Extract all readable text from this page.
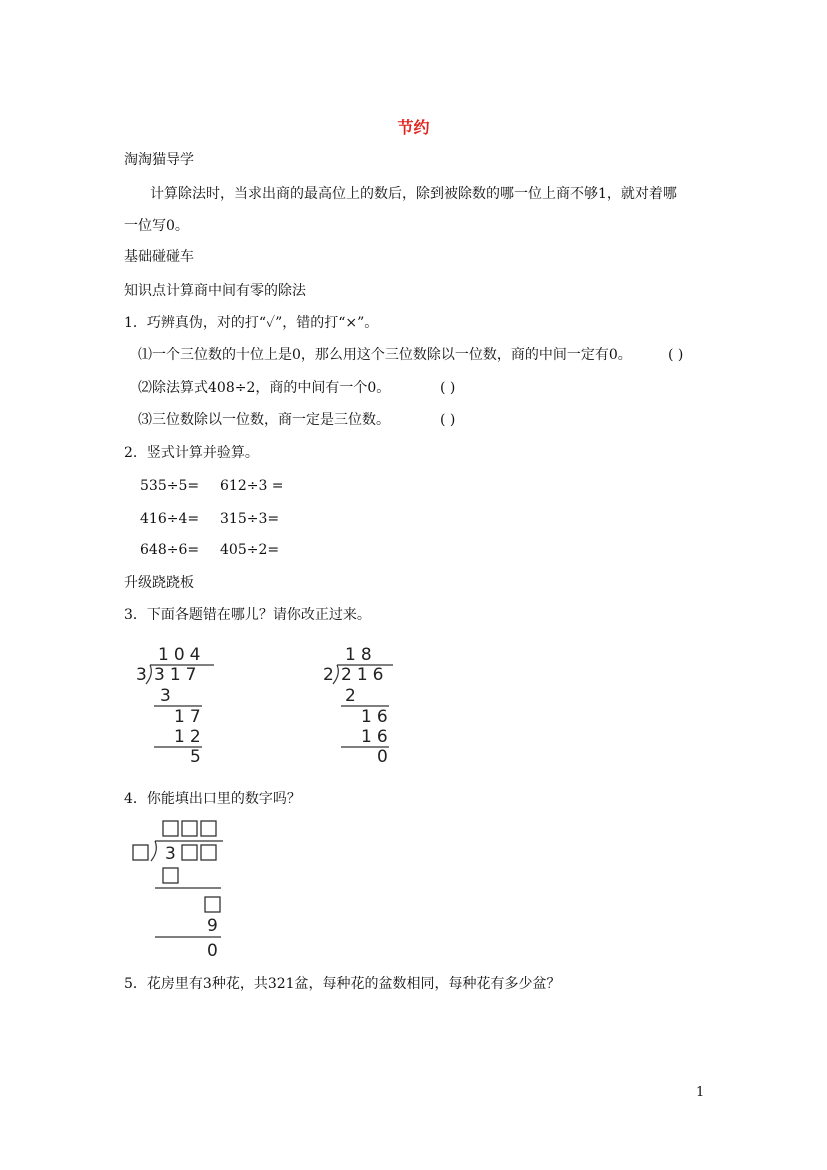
节约
淘淘猫导学
计算除法时，当求出商的最高位上的数后，除到被除数的哪一位上商不够1，就对着哪
一位写0。
基础碰碰车
知识点计算商中间有零的除法
1．巧辨真伪，对的打“✓”，错的打“×”。
⑴一个三位数的十位上是0，那么用这个三位数除以一位数，商的中间一定有0。	( )
⑵除法算式408÷2，商的中间有一个0。	( )
⑶三位数除以一位数，商一定是三位数。	( )
2．竖式计算并验算。
535÷5= 612÷3 =
416÷4= 315÷3=
648÷6= 405÷2=
升级跷跷板
3．下面各题错在哪儿？请你改正过来。
104
3 317
3
17
12
5
18
2 216
2
16
16
0
4．你能填出口里的数字吗？
3
9
0
5．花房里有3种花，共321盆，每种花的盆数相同，每种花有多少盆？
1
